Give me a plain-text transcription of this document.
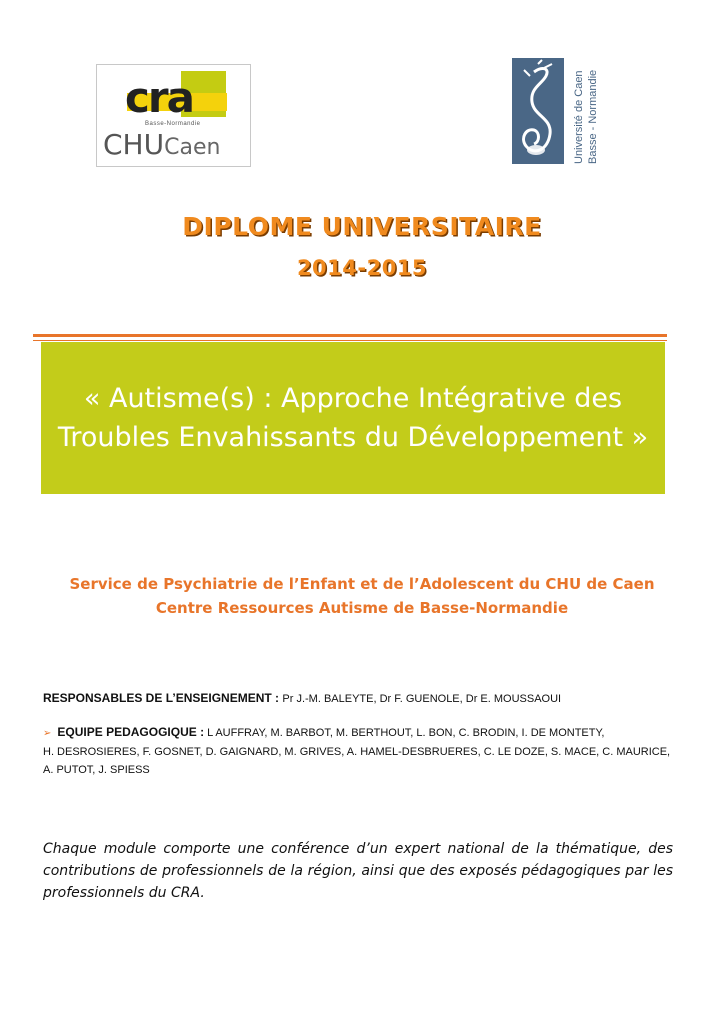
cra
Basse-Normandie
CHUCaen	Université de Caen Basse - Normandie
DIPLOME UNIVERSITAIRE
2014-2015
« Autisme(s) : Approche Intégrative des
Troubles Envahissants du Développement »
Service de Psychiatrie de l’Enfant et de l’Adolescent du CHU de Caen
Centre Ressources Autisme de Basse-Normandie
RESPONSABLES DE L’ENSEIGNEMENT : Pr J.-M. BALEYTE, Dr F. GUENOLE, Dr E. MOUSSAOUI
➢ EQUIPE PEDAGOGIQUE : L AUFFRAY, M. BARBOT, M. BERTHOUT, L. BON, C. BRODIN, I. DE MONTETY,
H. DESROSIERES, F. GOSNET, D. GAIGNARD, M. GRIVES, A. HAMEL-DESBRUERES, C. LE DOZE, S. MACE, C. MAURICE,
A. PUTOT, J. SPIESS
Chaque module comporte une conférence d’un expert national de la thématique, des contributions de professionnels de la région, ainsi que des exposés pédagogiques par les professionnels du CRA.
